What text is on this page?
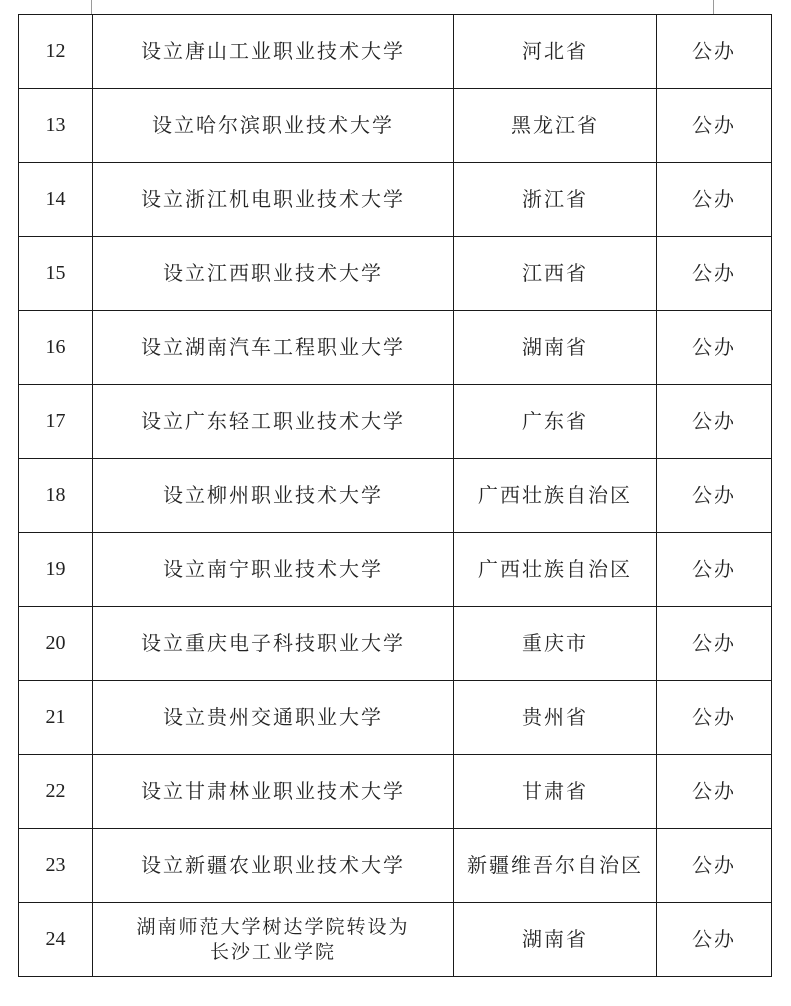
12	设立唐山工业职业技术大学	河北省	公办
13	设立哈尔滨职业技术大学	黑龙江省	公办
14	设立浙江机电职业技术大学	浙江省	公办
15	设立江西职业技术大学	江西省	公办
16	设立湖南汽车工程职业大学	湖南省	公办
17	设立广东轻工职业技术大学	广东省	公办
18	设立柳州职业技术大学	广西壮族自治区	公办
19	设立南宁职业技术大学	广西壮族自治区	公办
20	设立重庆电子科技职业大学	重庆市	公办
21	设立贵州交通职业大学	贵州省	公办
22	设立甘肃林业职业技术大学	甘肃省	公办
23	设立新疆农业职业技术大学	新疆维吾尔自治区	公办
24	湖南师范大学树达学院转设为
长沙工业学院	湖南省	公办
